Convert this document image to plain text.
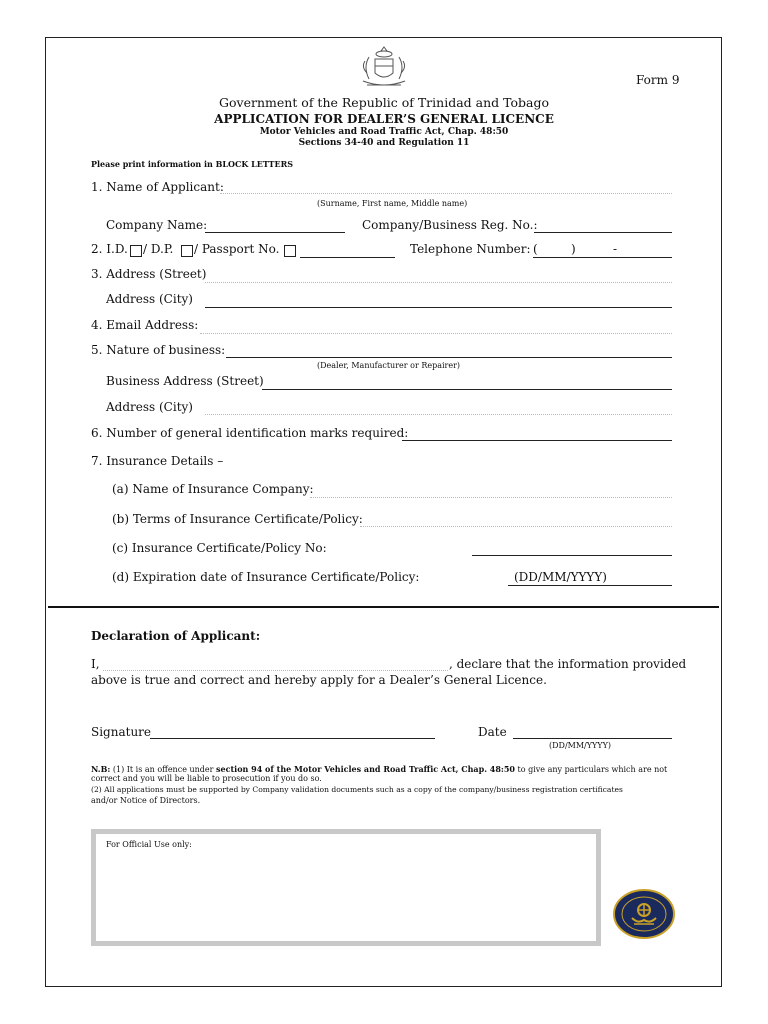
Form 9
Government of the Republic of Trinidad and Tobago
APPLICATION FOR DEALER’S GENERAL LICENCE
Motor Vehicles and Road Traffic Act, Chap. 48:50
Sections 34-40 and Regulation 11
Please print information in BLOCK LETTERS
1. Name of Applicant:
(Surname, First name, Middle name)
Company Name:	Company/Business Reg. No.:
2. I.D. / D.P. / Passport No.	Telephone Number: (	)	-
3. Address (Street)
Address (City)
4. Email Address:
5. Nature of business:
(Dealer, Manufacturer or Repairer)
Business Address (Street)
Address (City)
6. Number of general identification marks required:
7. Insurance Details –
(a) Name of Insurance Company:
(b) Terms of Insurance Certificate/Policy:
(c) Insurance Certificate/Policy No:
(d) Expiration date of Insurance Certificate/Policy:	(DD/MM/YYYY)
Declaration of Applicant:
I,	, declare that the information provided
above is true and correct and hereby apply for a Dealer’s General Licence.
Signature	Date
(DD/MM/YYYY)
N.B: (1) It is an offence under section 94 of the Motor Vehicles and Road Traffic Act, Chap. 48:50 to give any particulars which are not
correct and you will be liable to prosecution if you do so.
(2) All applications must be supported by Company validation documents such as a copy of the company/business registration certificates
and/or Notice of Directors.
For Official Use only:
